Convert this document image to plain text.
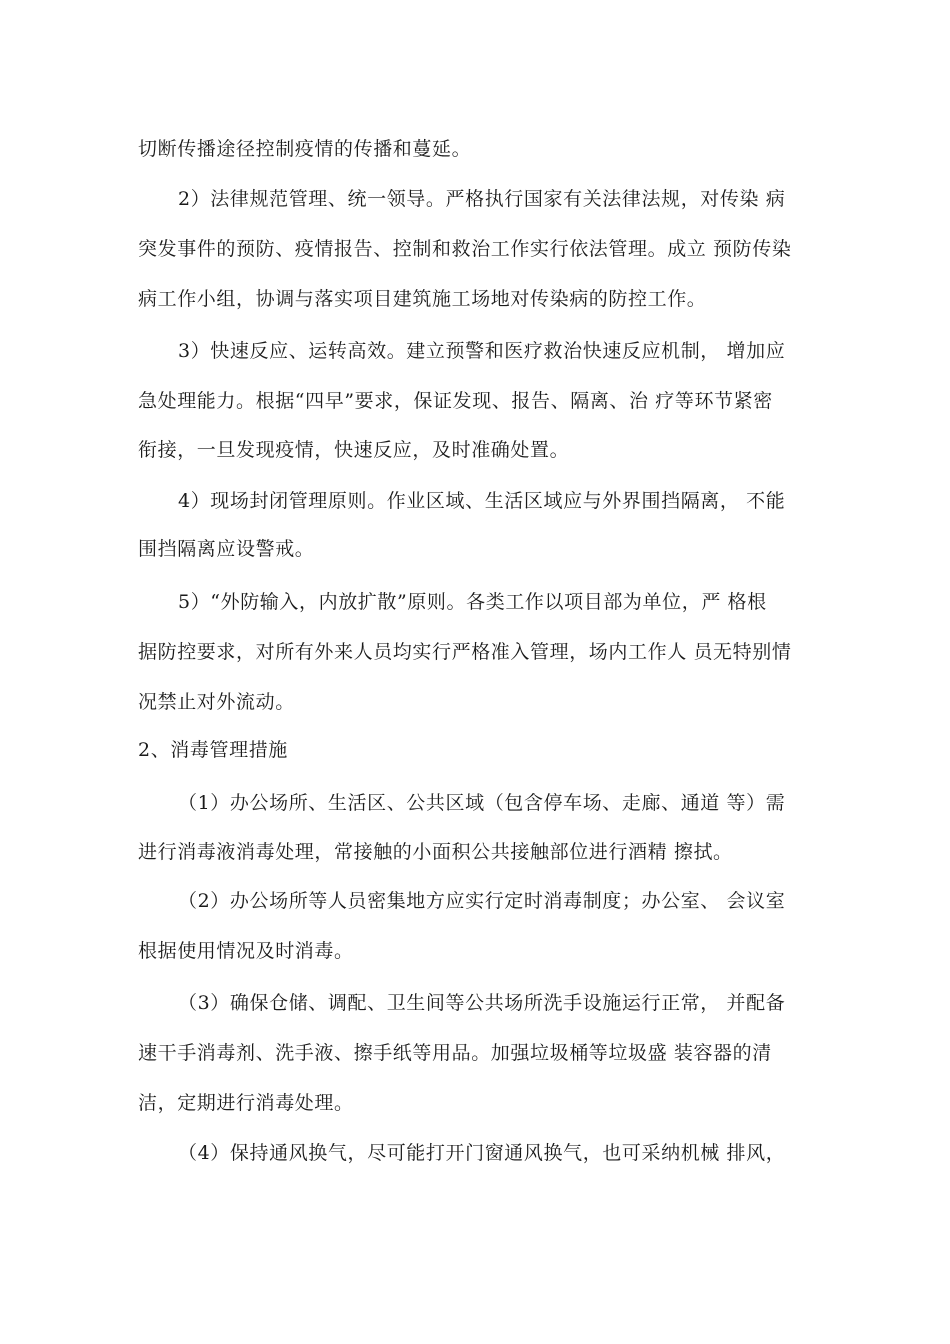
切断传播途径控制疫情的传播和蔓延。
2）法律规范管理、统一领导。严格执行国家有关法律法规，对传染 病
突发事件的预防、疫情报告、控制和救治工作实行依法管理。成立 预防传染
病工作小组，协调与落实项目建筑施工场地对传染病的防控工作。
3）快速反应、运转高效。建立预警和医疗救治快速反应机制， 增加应
急处理能力。根据“四早”要求，保证发现、报告、隔离、治 疗等环节紧密
衔接，一旦发现疫情，快速反应，及时准确处置。
4）现场封闭管理原则。作业区域、生活区域应与外界围挡隔离， 不能
围挡隔离应设警戒。
5）“外防输入，内放扩散”原则。各类工作以项目部为单位，严 格根
据防控要求，对所有外来人员均实行严格准入管理，场内工作人 员无特别情
况禁止对外流动。
2、消毒管理措施
（1）办公场所、生活区、公共区域（包含停车场、走廊、通道 等）需
进行消毒液消毒处理，常接触的小面积公共接触部位进行酒精 擦拭。
（2）办公场所等人员密集地方应实行定时消毒制度；办公室、 会议室
根据使用情况及时消毒。
（3）确保仓储、调配、卫生间等公共场所洗手设施运行正常， 并配备
速干手消毒剂、洗手液、擦手纸等用品。加强垃圾桶等垃圾盛 装容器的清
洁，定期进行消毒处理。
（4）保持通风换气，尽可能打开门窗通风换气，也可采纳机械 排风，
